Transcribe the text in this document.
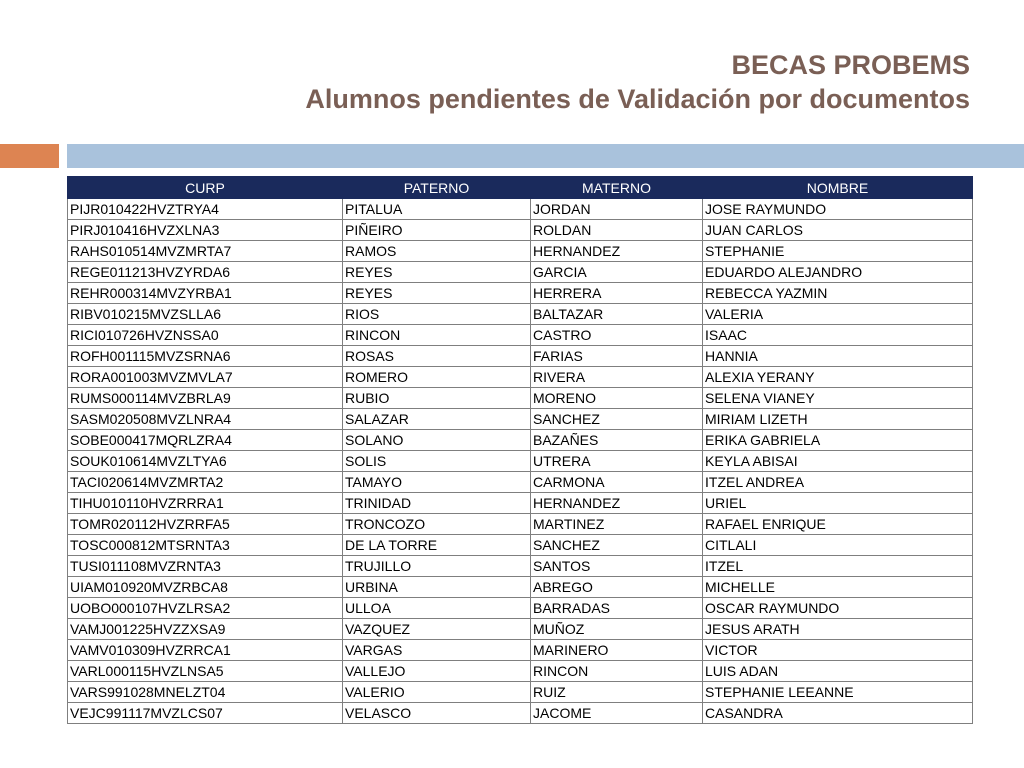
BECAS PROBEMS
Alumnos pendientes de Validación por documentos
CURP	PATERNO	MATERNO	NOMBRE
PIJR010422HVZTRYA4	PITALUA	JORDAN	JOSE RAYMUNDO
PIRJ010416HVZXLNA3	PIÑEIRO	ROLDAN	JUAN CARLOS
RAHS010514MVZMRTA7	RAMOS	HERNANDEZ	STEPHANIE
REGE011213HVZYRDA6	REYES	GARCIA	EDUARDO ALEJANDRO
REHR000314MVZYRBA1	REYES	HERRERA	REBECCA YAZMIN
RIBV010215MVZSLLA6	RIOS	BALTAZAR	VALERIA
RICI010726HVZNSSA0	RINCON	CASTRO	ISAAC
ROFH001115MVZSRNA6	ROSAS	FARIAS	HANNIA
RORA001003MVZMVLA7	ROMERO	RIVERA	ALEXIA YERANY
RUMS000114MVZBRLA9	RUBIO	MORENO	SELENA VIANEY
SASM020508MVZLNRA4	SALAZAR	SANCHEZ	MIRIAM LIZETH
SOBE000417MQRLZRA4	SOLANO	BAZAÑES	ERIKA GABRIELA
SOUK010614MVZLTYA6	SOLIS	UTRERA	KEYLA ABISAI
TACI020614MVZMRTA2	TAMAYO	CARMONA	ITZEL ANDREA
TIHU010110HVZRRRA1	TRINIDAD	HERNANDEZ	URIEL
TOMR020112HVZRRFA5	TRONCOZO	MARTINEZ	RAFAEL ENRIQUE
TOSC000812MTSRNTA3	DE LA TORRE	SANCHEZ	CITLALI
TUSI011108MVZRNTA3	TRUJILLO	SANTOS	ITZEL
UIAM010920MVZRBCA8	URBINA	ABREGO	MICHELLE
UOBO000107HVZLRSA2	ULLOA	BARRADAS	OSCAR RAYMUNDO
VAMJ001225HVZZXSA9	VAZQUEZ	MUÑOZ	JESUS ARATH
VAMV010309HVZRRCA1	VARGAS	MARINERO	VICTOR
VARL000115HVZLNSA5	VALLEJO	RINCON	LUIS ADAN
VARS991028MNELZT04	VALERIO	RUIZ	STEPHANIE LEEANNE
VEJC991117MVZLCS07	VELASCO	JACOME	CASANDRA
